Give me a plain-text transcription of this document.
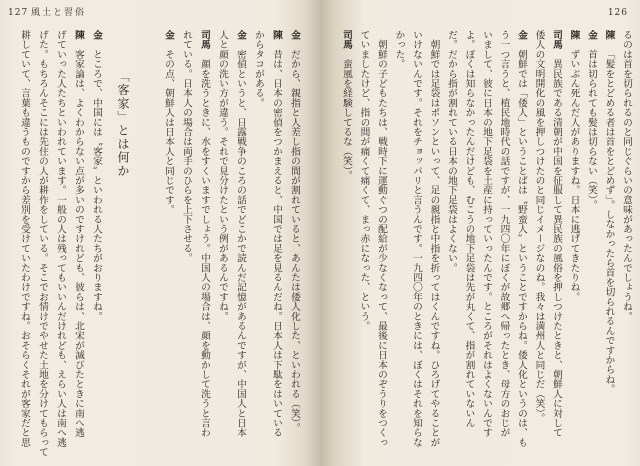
127 風土と習俗
金だから、親指と人差し指の間が割れていると、あんたは倭人化した、といわれる（笑）。
陳昔は、日本の密偵をつかまえると、中国では足を見るんだね。日本人は下駄をはいている
からタコがある。
金密偵というと、日露戦争のころの話でどこかで読んだ記憶があるんですが、中国人と日本
人と顔の洗い方が違う。それで見分けたという例があるんですね。
司馬顔を洗うときに、水をすくいますでしょう。中国人の場合は、顔を動かして洗うと言わ
れている。日本人の場合は両手のひらを上下させる。
金その点、朝鮮人は日本人と同じです。
「客家」とは何か
金ところで、中国には〝客家〟といわれる人たちがおりますね。
陳客家論は、よくわからない点が多いのですけれども、彼らは、北宋が滅びたときに南へ逃
げていった人たちといわれています。一般の人は残ってもいいんだけれども、えらい人は南へ逃
げた。もちろんそこには先住の人が耕作をしている。そこでお情けでやせた土地を分けてもらって
耕していて、言葉も違うものですから差別を受けていたわけですね。おそらくそれが客家だと思
126
るのは首を切られるのと同じぐらいの意味があったんでしょうね。
陳「髪をとどめる者は首をとどめず」。しなかったら首を切られるんですからね。
金首は切られても髪は切らない（笑）。
陳ずいぶん死んだ人がありますね。日本に逃げてきたりね。
司馬異民族である清朝が中国を征服して異民族の風俗を押しつけたときと、朝鮮人に対して
倭人の文明開化の風を押しつけたのと同じイメージなのね。我々は満州人と同じだ（笑）。
金朝鮮では「倭人」ということばは〝野蛮人〟ということですからね。倭人化というのは、も
う一つ言うと、植民地時代の話ですが、一九四〇年にぼくが故郷へ帰ったとき、母方のおじが
いまして、彼に日本の地下足袋を土産に持っていったんです。ところがそれはよくないんです
よ。ぼくは知らなかったんだけども、むこうの地下足袋は先が丸くて、指が割れていないん
だ。だから指が割れている日本の地下足袋はよくない。
　朝鮮では足袋はポソンといって、足の親指と中指を折ってはくんですね。ひろげてやることが
いけないんです。それをチョッパリと言うんです。一九四〇年のときには、ぼくはそれを知らな
かった。
　朝鮮の子どもたちは、戦時下に運動ぐつの配給が少なくなって、最後に日本のぞうりをつくっ
ていましたけど、指の間が痛くて痛くて、まっ赤になった、という。
司馬蛮風を経験してるな（笑）。
